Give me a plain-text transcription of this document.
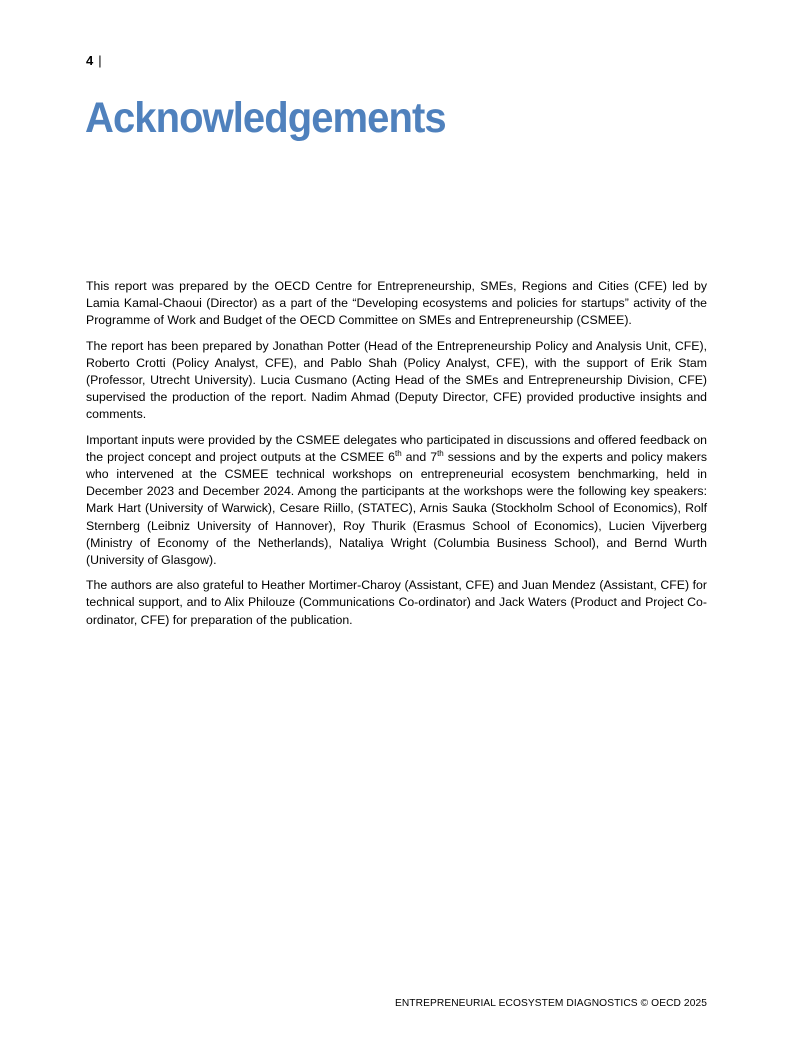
4 |
Acknowledgements

This report was prepared by the OECD Centre for Entrepreneurship, SMEs, Regions and Cities (CFE) led by Lamia Kamal-Chaoui (Director) as a part of the “Developing ecosystems and policies for startups” activity of the Programme of Work and Budget of the OECD Committee on SMEs and Entrepreneurship (CSMEE).

The report has been prepared by Jonathan Potter (Head of the Entrepreneurship Policy and Analysis Unit, CFE), Roberto Crotti (Policy Analyst, CFE), and Pablo Shah (Policy Analyst, CFE), with the support of Erik Stam (Professor, Utrecht University). Lucia Cusmano (Acting Head of the SMEs and Entrepreneurship Division, CFE) supervised the production of the report. Nadim Ahmad (Deputy Director, CFE) provided productive insights and comments.

Important inputs were provided by the CSMEE delegates who participated in discussions and offered feedback on the project concept and project outputs at the CSMEE 6th and 7th sessions and by the experts and policy makers who intervened at the CSMEE technical workshops on entrepreneurial ecosystem benchmarking, held in December 2023 and December 2024. Among the participants at the workshops were the following key speakers: Mark Hart (University of Warwick), Cesare Riillo, (STATEC), Arnis Sauka (Stockholm School of Economics), Rolf Sternberg (Leibniz University of Hannover), Roy Thurik (Erasmus School of Economics), Lucien Vijverberg (Ministry of Economy of the Netherlands), Nataliya Wright (Columbia Business School), and Bernd Wurth (University of Glasgow).

The authors are also grateful to Heather Mortimer-Charoy (Assistant, CFE) and Juan Mendez (Assistant, CFE) for technical support, and to Alix Philouze (Communications Co-ordinator) and Jack Waters (Product and Project Co-ordinator, CFE) for preparation of the publication.

ENTREPRENEURIAL ECOSYSTEM DIAGNOSTICS © OECD 2025
